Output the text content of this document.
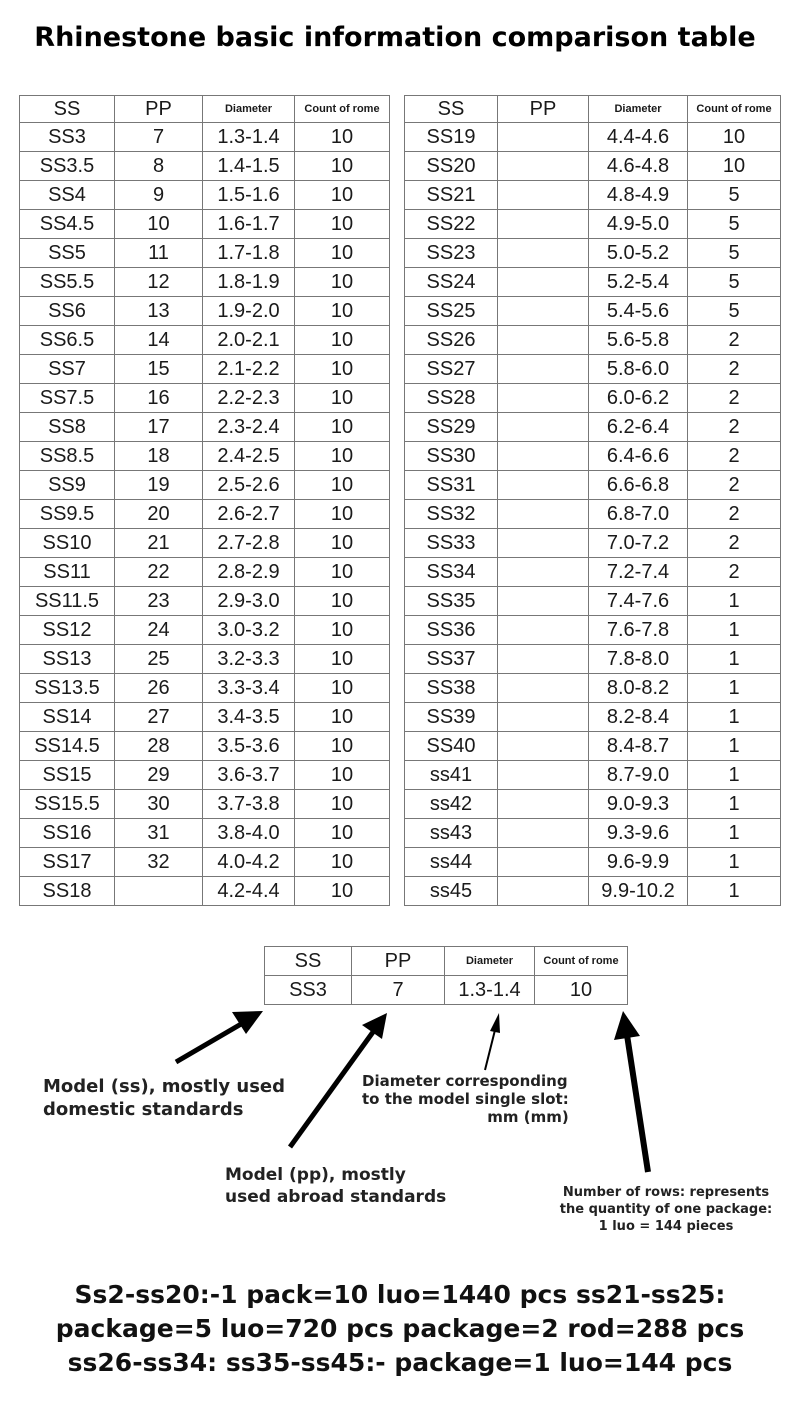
Rhinestone basic information comparison table
SS	PP	Diameter	Count of rome
SS3	7	1.3-1.4	10
SS3.5	8	1.4-1.5	10
SS4	9	1.5-1.6	10
SS4.5	10	1.6-1.7	10
SS5	11	1.7-1.8	10
SS5.5	12	1.8-1.9	10
SS6	13	1.9-2.0	10
SS6.5	14	2.0-2.1	10
SS7	15	2.1-2.2	10
SS7.5	16	2.2-2.3	10
SS8	17	2.3-2.4	10
SS8.5	18	2.4-2.5	10
SS9	19	2.5-2.6	10
SS9.5	20	2.6-2.7	10
SS10	21	2.7-2.8	10
SS11	22	2.8-2.9	10
SS11.5	23	2.9-3.0	10
SS12	24	3.0-3.2	10
SS13	25	3.2-3.3	10
SS13.5	26	3.3-3.4	10
SS14	27	3.4-3.5	10
SS14.5	28	3.5-3.6	10
SS15	29	3.6-3.7	10
SS15.5	30	3.7-3.8	10
SS16	31	3.8-4.0	10
SS17	32	4.0-4.2	10
SS18		4.2-4.4	10
SS	PP	Diameter	Count of rome
SS19		4.4-4.6	10
SS20		4.6-4.8	10
SS21		4.8-4.9	5
SS22		4.9-5.0	5
SS23		5.0-5.2	5
SS24		5.2-5.4	5
SS25		5.4-5.6	5
SS26		5.6-5.8	2
SS27		5.8-6.0	2
SS28		6.0-6.2	2
SS29		6.2-6.4	2
SS30		6.4-6.6	2
SS31		6.6-6.8	2
SS32		6.8-7.0	2
SS33		7.0-7.2	2
SS34		7.2-7.4	2
SS35		7.4-7.6	1
SS36		7.6-7.8	1
SS37		7.8-8.0	1
SS38		8.0-8.2	1
SS39		8.2-8.4	1
SS40		8.4-8.7	1
ss41		8.7-9.0	1
ss42		9.0-9.3	1
ss43		9.3-9.6	1
ss44		9.6-9.9	1
ss45		9.9-10.2	1
SS	PP	Diameter	Count of rome
SS3	7	1.3-1.4	10
Model (ss), mostly used
domestic standards
Diameter corresponding
to the model single slot:
mm (mm)
Model (pp), mostly
used abroad standards	Number of rows: represents
the quantity of one package:
1 luo = 144 pieces
Ss2-ss20:-1 pack=10 luo=1440 pcs ss21-ss25:
package=5 luo=720 pcs package=2 rod=288 pcs
ss26-ss34: ss35-ss45:- package=1 luo=144 pcs
